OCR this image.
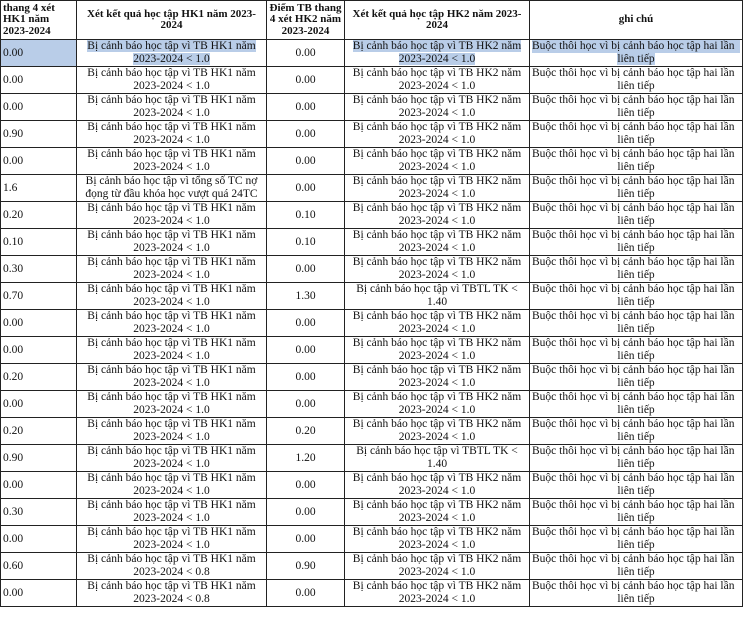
thang 4 xét HK1 năm 2023-2024	Xét kết quả học tập HK1 năm 2023-2024	Điểm TB thang 4 xét HK2 năm 2023-2024	Xét kết quả học tập HK2 năm 2023-2024	ghi chú
0.00	Bị cảnh báo học tập vì TB HK1 năm
2023-2024 < 1.0	0.00	Bị cảnh báo học tập vì TB HK2 năm
2023-2024 < 1.0	Buộc thôi học vì bị cảnh báo học tập hai lần
liên tiếp
0.00	Bị cảnh báo học tập vì TB HK1 năm
2023-2024 < 1.0	0.00	Bị cảnh báo học tập vì TB HK2 năm
2023-2024 < 1.0	Buộc thôi học vì bị cảnh báo học tập hai lần
liên tiếp
0.00	Bị cảnh báo học tập vì TB HK1 năm
2023-2024 < 1.0	0.00	Bị cảnh báo học tập vì TB HK2 năm
2023-2024 < 1.0	Buộc thôi học vì bị cảnh báo học tập hai lần
liên tiếp
0.90	Bị cảnh báo học tập vì TB HK1 năm
2023-2024 < 1.0	0.00	Bị cảnh báo học tập vì TB HK2 năm
2023-2024 < 1.0	Buộc thôi học vì bị cảnh báo học tập hai lần
liên tiếp
0.00	Bị cảnh báo học tập vì TB HK1 năm
2023-2024 < 1.0	0.00	Bị cảnh báo học tập vì TB HK2 năm
2023-2024 < 1.0	Buộc thôi học vì bị cảnh báo học tập hai lần
liên tiếp
1.6	Bị cảnh báo học tập vì tổng số TC nợ
đọng từ đầu khóa học vượt quá 24TC	0.00	Bị cảnh báo học tập vì TB HK2 năm
2023-2024 < 1.0	Buộc thôi học vì bị cảnh báo học tập hai lần
liên tiếp
0.20	Bị cảnh báo học tập vì TB HK1 năm
2023-2024 < 1.0	0.10	Bị cảnh báo học tập vì TB HK2 năm
2023-2024 < 1.0	Buộc thôi học vì bị cảnh báo học tập hai lần
liên tiếp
0.10	Bị cảnh báo học tập vì TB HK1 năm
2023-2024 < 1.0	0.10	Bị cảnh báo học tập vì TB HK2 năm
2023-2024 < 1.0	Buộc thôi học vì bị cảnh báo học tập hai lần
liên tiếp
0.30	Bị cảnh báo học tập vì TB HK1 năm
2023-2024 < 1.0	0.00	Bị cảnh báo học tập vì TB HK2 năm
2023-2024 < 1.0	Buộc thôi học vì bị cảnh báo học tập hai lần
liên tiếp
0.70	Bị cảnh báo học tập vì TB HK1 năm
2023-2024 < 1.0	1.30	Bị cảnh báo học tập vì TBTL TK < 1.40	Buộc thôi học vì bị cảnh báo học tập hai lần
liên tiếp
0.00	Bị cảnh báo học tập vì TB HK1 năm
2023-2024 < 1.0	0.00	Bị cảnh báo học tập vì TB HK2 năm
2023-2024 < 1.0	Buộc thôi học vì bị cảnh báo học tập hai lần
liên tiếp
0.00	Bị cảnh báo học tập vì TB HK1 năm
2023-2024 < 1.0	0.00	Bị cảnh báo học tập vì TB HK2 năm
2023-2024 < 1.0	Buộc thôi học vì bị cảnh báo học tập hai lần
liên tiếp
0.20	Bị cảnh báo học tập vì TB HK1 năm
2023-2024 < 1.0	0.00	Bị cảnh báo học tập vì TB HK2 năm
2023-2024 < 1.0	Buộc thôi học vì bị cảnh báo học tập hai lần
liên tiếp
0.00	Bị cảnh báo học tập vì TB HK1 năm
2023-2024 < 1.0	0.00	Bị cảnh báo học tập vì TB HK2 năm
2023-2024 < 1.0	Buộc thôi học vì bị cảnh báo học tập hai lần
liên tiếp
0.20	Bị cảnh báo học tập vì TB HK1 năm
2023-2024 < 1.0	0.20	Bị cảnh báo học tập vì TB HK2 năm
2023-2024 < 1.0	Buộc thôi học vì bị cảnh báo học tập hai lần
liên tiếp
0.90	Bị cảnh báo học tập vì TB HK1 năm
2023-2024 < 1.0	1.20	Bị cảnh báo học tập vì TBTL TK < 1.40	Buộc thôi học vì bị cảnh báo học tập hai lần
liên tiếp
0.00	Bị cảnh báo học tập vì TB HK1 năm
2023-2024 < 1.0	0.00	Bị cảnh báo học tập vì TB HK2 năm
2023-2024 < 1.0	Buộc thôi học vì bị cảnh báo học tập hai lần
liên tiếp
0.30	Bị cảnh báo học tập vì TB HK1 năm
2023-2024 < 1.0	0.00	Bị cảnh báo học tập vì TB HK2 năm
2023-2024 < 1.0	Buộc thôi học vì bị cảnh báo học tập hai lần
liên tiếp
0.00	Bị cảnh báo học tập vì TB HK1 năm
2023-2024 < 1.0	0.00	Bị cảnh báo học tập vì TB HK2 năm
2023-2024 < 1.0	Buộc thôi học vì bị cảnh báo học tập hai lần
liên tiếp
0.60	Bị cảnh báo học tập vì TB HK1 năm
2023-2024 < 0.8	0.90	Bị cảnh báo học tập vì TB HK2 năm
2023-2024 < 1.0	Buộc thôi học vì bị cảnh báo học tập hai lần
liên tiếp
0.00	Bị cảnh báo học tập vì TB HK1 năm
2023-2024 < 0.8	0.00	Bị cảnh báo học tập vì TB HK2 năm
2023-2024 < 1.0	Buộc thôi học vì bị cảnh báo học tập hai lần
liên tiếp
